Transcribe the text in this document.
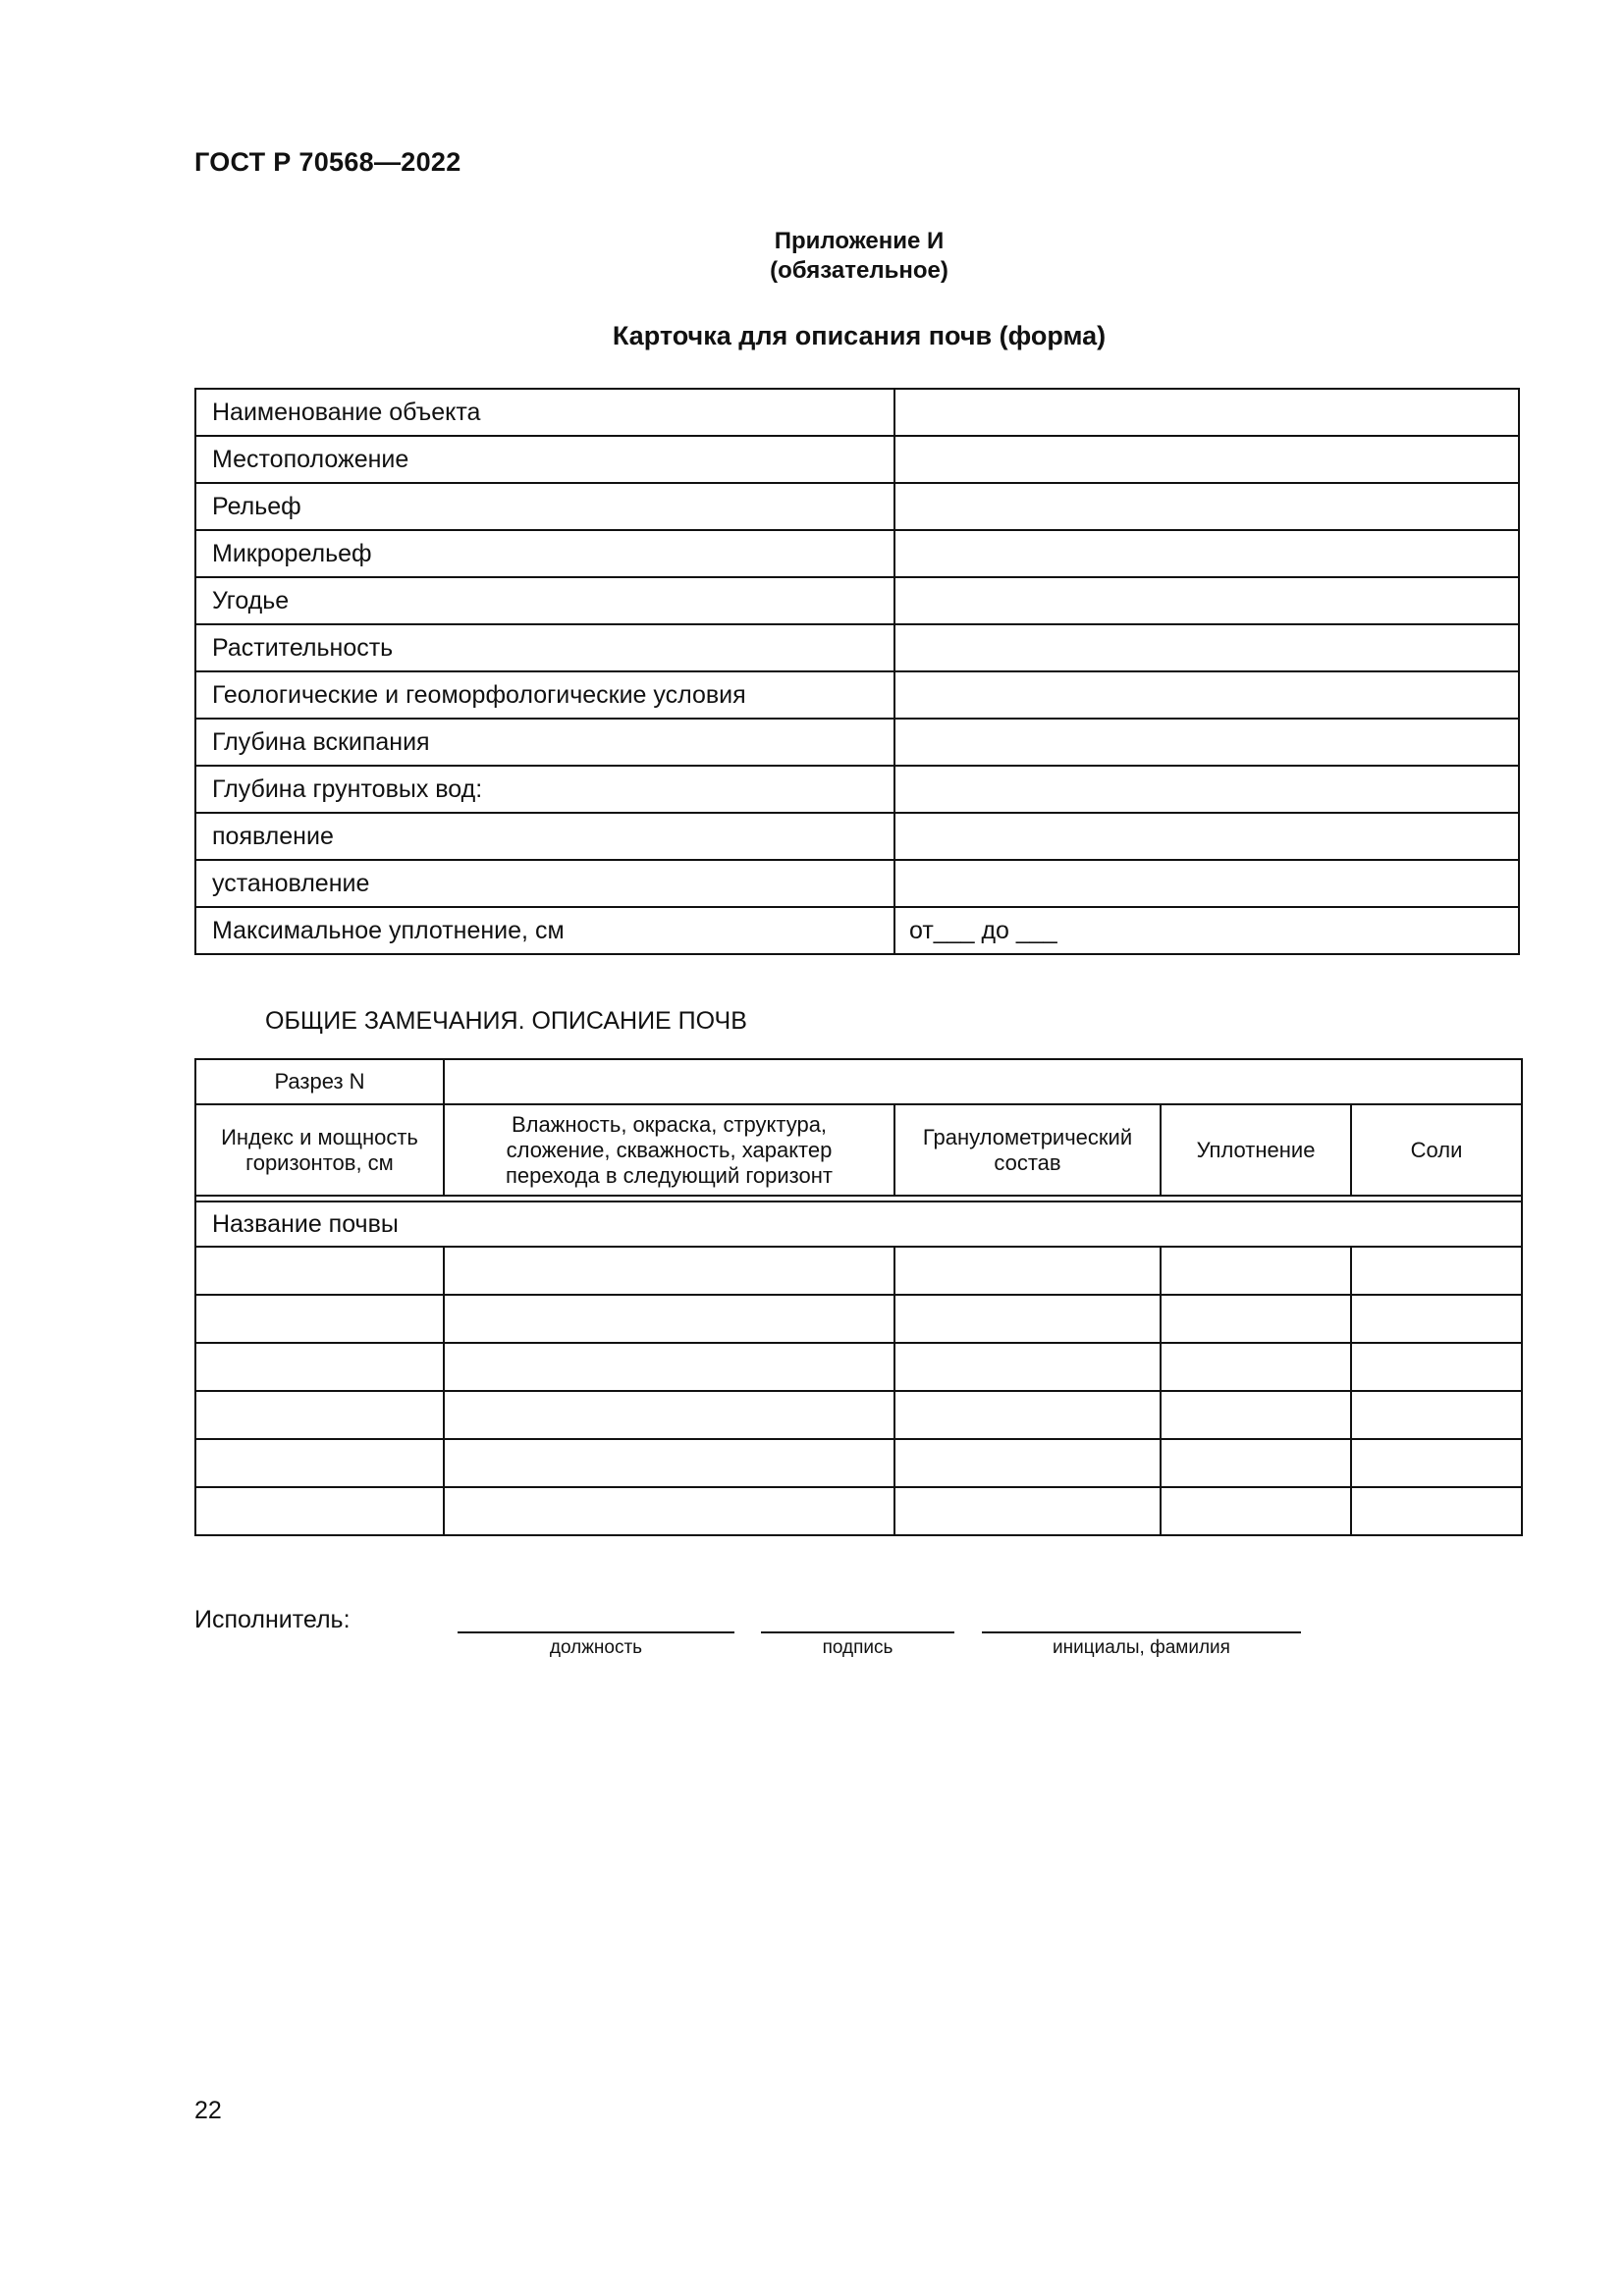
ГОСТ Р 70568—2022
Приложение И
(обязательное)
Карточка для описания почв (форма)
Наименование объекта	
Местоположение	
Рельеф	
Микрорельеф	
Угодье	
Растительность	
Геологические и геоморфологические условия	
Глубина вскипания	
Глубина грунтовых вод:	
появление	
установление	
Максимальное уплотнение, см	от___ до ___
ОБЩИЕ ЗАМЕЧАНИЯ. ОПИСАНИЕ ПОЧВ
Разрез N				
Индекс и мощность горизонтов, см	Влажность, окраска, структура, сложение, скважность, характер перехода в следующий горизонт	Гранулометрический состав	Уплотнение	Соли

Название почвы				

Исполнитель:
должность	подпись	инициалы, фамилия
22
